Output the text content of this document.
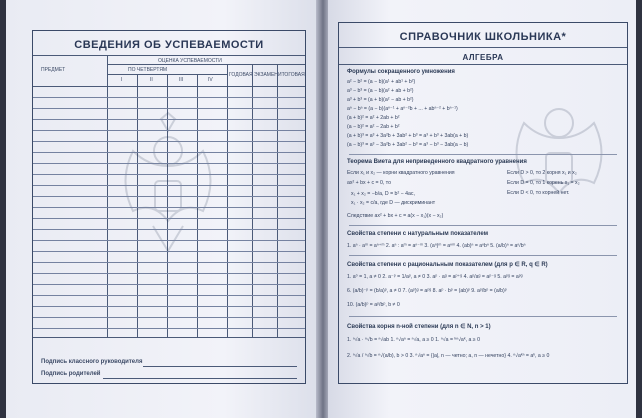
СВЕДЕНИЯ ОБ УСПЕВАЕМОСТИ
ПРЕДМЕТ
ОЦЕНКА УСПЕВАЕМОСТИ
ПО ЧЕТВЕРТЯМ
I	II	III	IV
ГОДОВАЯ ЭКЗАМЕН ИТОГОВАЯ
Подпись классного руководителя
Подпись родителей
СПРАВОЧНИК ШКОЛЬНИКА*
АЛГЕБРА
Формулы сокращенного умножения
a² − b² = (a − b)(a¹ + ab¹ + b²)
a³ − b³ = (a − b)(a² + ab + b²)
a³ + b³ = (a + b)(a² − ab + b²)
aⁿ − bⁿ = (a − b)(aⁿ⁻¹ + aⁿ⁻²b + ... + abⁿ⁻² + bⁿ⁻¹)
(a + b)² = a² + 2ab + b²
(a − b)² = a² − 2ab + b²
(a + b)³ = a³ + 3a²b + 3ab² + b³ = a³ + b³ + 3ab(a + b)
(a − b)³ = a³ − 3a²b + 3ab² − b³ = a³ − b³ − 3ab(a − b)
Теорема Виета для неприведенного квадратного уравнения
Если x₁ и x₂ — корни квадратного уравнения
ax² + bx + c = 0, то
x₁ + x₂ = −b/a, D = b² − 4ac,
x₁ · x₂ = c/a, где D — дискриминант
Следствие ax² + bx + c = a(x − x₁)(x − x₂)
Если D > 0, то 2 корня x₁ и x₂
Если D = 0, то 1 корень x₁ = x₂
Если D < 0, то корней нет.
Свойства степени с натуральным показателем
1. aⁿ · aᵐ = aⁿ⁺ᵐ 2. aⁿ : aᵐ = aⁿ⁻ᵐ 3. (aⁿ)ᵐ = aⁿᵐ 4. (ab)ⁿ = aⁿbⁿ 5. (a/b)ⁿ = aⁿ/bⁿ
Свойства степени с рациональным показателем (для p ∈ R, q ∈ R)
1. a⁰ = 1, a ≠ 0 2. a⁻ᵖ = 1/aᵖ, a ≠ 0 3. aᵖ · aᵍ = aᵖ⁺ᵍ 4. aᵖ/aᵍ = aᵖ⁻ᵍ 5. aᵖᵍ = aᵖᵍ
6. (a/b)⁻ᵖ = (b/a)ᵖ, a ≠ 0 7. (aᵖ)ᵍ = aᵖᵍ 8. aᵖ · bᵖ = (ab)ᵖ 9. aᵖ/bᵖ = (a/b)ᵖ
10. (a/b)ᵖ = aᵖ/bᵖ, b ≠ 0
Свойства корня n-ной степени (для n ∈ N, n > 1)
1. ⁿ√a · ⁿ√b = ⁿ√ab 1. ⁿ√aⁿ = ⁿ√a, a ≥ 0 1. ⁿ√a = ᵏⁿ√aᵏ, a ≥ 0
2. ⁿ√a / ⁿ√b = ⁿ√(a/b), b > 0 3. ⁿ√aⁿ = {|a|, n — четно; a, n — нечетно} 4. ⁿ√aᵏⁿ = aᵏ, a ≥ 0
